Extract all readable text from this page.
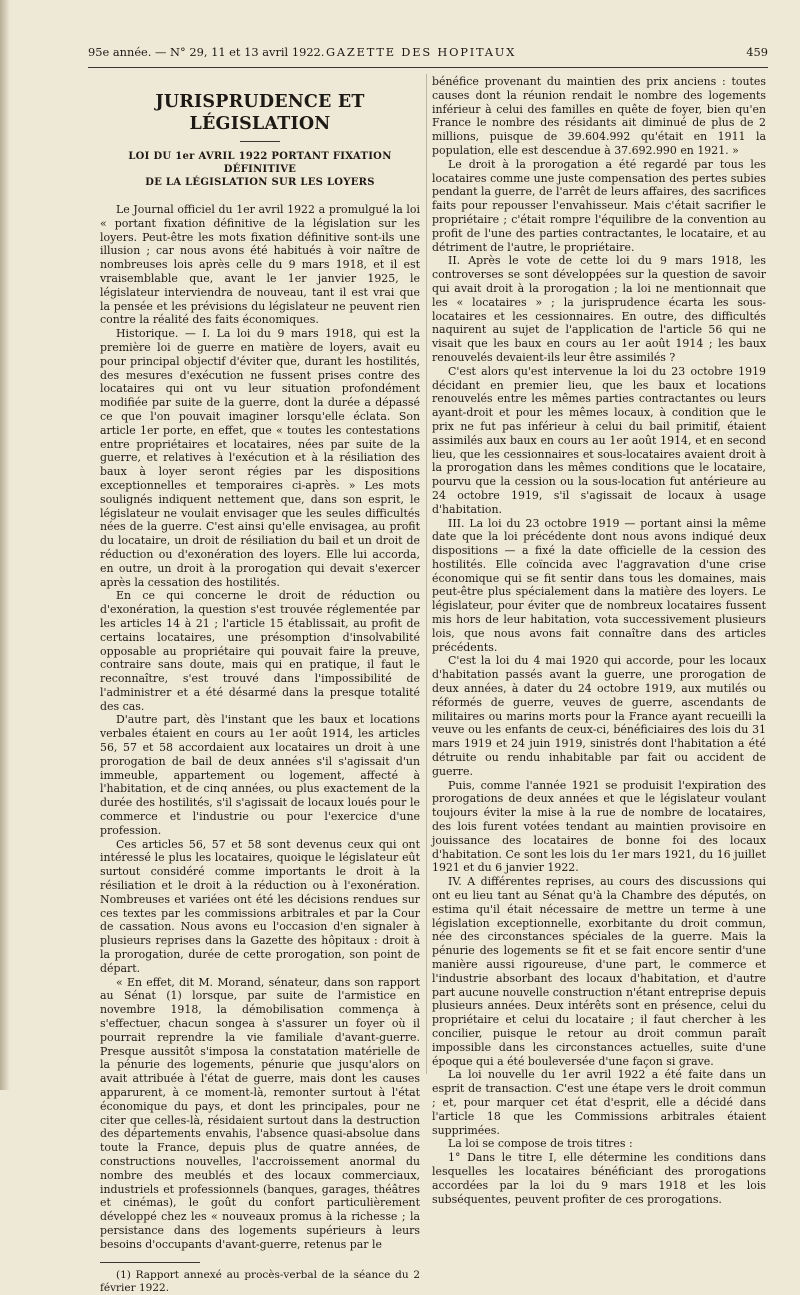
95e année. — N° 29, 11 et 13 avril 1922. GAZETTE DES HOPITAUX	459
JURISPRUDENCE ET LÉGISLATION
LOI DU 1er AVRIL 1922 PORTANT FIXATION DÉFINITIVE
DE LA LÉGISLATION SUR LES LOYERS

Le Journal officiel du 1er avril 1922 a promulgué la loi « portant fixation définitive de la législation sur les loyers. Peut-être les mots fixation définitive sont-ils une illusion ; car nous avons été habitués à voir naître de nombreuses lois après celle du 9 mars 1918, et il est vraisemblable que, avant le 1er janvier 1925, le législateur interviendra de nouveau, tant il est vrai que la pensée et les prévisions du législateur ne peuvent rien contre la réalité des faits économiques.

Historique. — I. La loi du 9 mars 1918, qui est la première loi de guerre en matière de loyers, avait eu pour principal objectif d'éviter que, durant les hostilités, des mesures d'exécution ne fussent prises contre des locataires qui ont vu leur situation profondément modifiée par suite de la guerre, dont la durée a dépassé ce que l'on pouvait imaginer lorsqu'elle éclata. Son article 1er porte, en effet, que « toutes les contestations entre propriétaires et locataires, nées par suite de la guerre, et relatives à l'exécution et à la résiliation des baux à loyer seront régies par les dispositions exceptionnelles et temporaires ci-après. » Les mots soulignés indiquent nettement que, dans son esprit, le législateur ne voulait envisager que les seules difficultés nées de la guerre. C'est ainsi qu'elle envisagea, au profit du locataire, un droit de résiliation du bail et un droit de réduction ou d'exonération des loyers. Elle lui accorda, en outre, un droit à la prorogation qui devait s'exercer après la cessation des hostilités.

En ce qui concerne le droit de réduction ou d'exonération, la question s'est trouvée réglementée par les articles 14 à 21 ; l'article 15 établissait, au profit de certains locataires, une présomption d'insolvabilité opposable au propriétaire qui pouvait faire la preuve, contraire sans doute, mais qui en pratique, il faut le reconnaître, s'est trouvé dans l'impossibilité de l'administrer et a été désarmé dans la presque totalité des cas.

D'autre part, dès l'instant que les baux et locations verbales étaient en cours au 1er août 1914, les articles 56, 57 et 58 accordaient aux locataires un droit à une prorogation de bail de deux années s'il s'agissait d'un immeuble, appartement ou logement, affecté à l'habitation, et de cinq années, ou plus exactement de la durée des hostilités, s'il s'agissait de locaux loués pour le commerce et l'industrie ou pour l'exercice d'une profession.

Ces articles 56, 57 et 58 sont devenus ceux qui ont intéressé le plus les locataires, quoique le législateur eût surtout considéré comme importants le droit à la résiliation et le droit à la réduction ou à l'exonération. Nombreuses et variées ont été les décisions rendues sur ces textes par les commissions arbitrales et par la Cour de cassation. Nous avons eu l'occasion d'en signaler à plusieurs reprises dans la Gazette des hôpitaux : droit à la prorogation, durée de cette prorogation, son point de départ.

« En effet, dit M. Morand, sénateur, dans son rapport au Sénat (1) lorsque, par suite de l'armistice en novembre 1918, la démobilisation commença à s'effectuer, chacun songea à s'assurer un foyer où il pourrait reprendre la vie familiale d'avant-guerre. Presque aussitôt s'imposa la constatation matérielle de la pénurie des logements, pénurie que jusqu'alors on avait attribuée à l'état de guerre, mais dont les causes apparurent, à ce moment-là, remonter surtout à l'état économique du pays, et dont les principales, pour ne citer que celles-là, résidaient surtout dans la destruction des départements envahis, l'absence quasi-absolue dans toute la France, depuis plus de quatre années, de constructions nouvelles, l'accroissement anormal du nombre des meublés et des locaux commerciaux, industriels et professionnels (banques, garages, théâtres et cinémas), le goût du confort particulièrement développé chez les « nouveaux promus à la richesse ; la persistance dans des logements supérieurs à leurs besoins d'occupants d'avant-guerre, retenus par le

(1) Rapport annexé au procès-verbal de la séance du 2 février 1922.

bénéfice provenant du maintien des prix anciens : toutes causes dont la réunion rendait le nombre des logements inférieur à celui des familles en quête de foyer, bien qu'en France le nombre des résidants ait diminué de plus de 2 millions, puisque de 39.604.992 qu'était en 1911 la population, elle est descendue à 37.692.990 en 1921. »

Le droit à la prorogation a été regardé par tous les locataires comme une juste compensation des pertes subies pendant la guerre, de l'arrêt de leurs affaires, des sacrifices faits pour repousser l'envahisseur. Mais c'était sacrifier le propriétaire ; c'était rompre l'équilibre de la convention au profit de l'une des parties contractantes, le locataire, et au détriment de l'autre, le propriétaire.

II. Après le vote de cette loi du 9 mars 1918, les controverses se sont développées sur la question de savoir qui avait droit à la prorogation ; la loi ne mentionnait que les « locataires » ; la jurisprudence écarta les sous-locataires et les cessionnaires. En outre, des difficultés naquirent au sujet de l'application de l'article 56 qui ne visait que les baux en cours au 1er août 1914 ; les baux renouvelés devaient-ils leur être assimilés ?

C'est alors qu'est intervenue la loi du 23 octobre 1919 décidant en premier lieu, que les baux et locations renouvelés entre les mêmes parties contractantes ou leurs ayant-droit et pour les mêmes locaux, à condition que le prix ne fut pas inférieur à celui du bail primitif, étaient assimilés aux baux en cours au 1er août 1914, et en second lieu, que les cessionnaires et sous-locataires avaient droit à la prorogation dans les mêmes conditions que le locataire, pourvu que la cession ou la sous-location fut antérieure au 24 octobre 1919, s'il s'agissait de locaux à usage d'habitation.

III. La loi du 23 octobre 1919 — portant ainsi la même date que la loi précédente dont nous avons indiqué deux dispositions — a fixé la date officielle de la cession des hostilités. Elle coïncida avec l'aggravation d'une crise économique qui se fit sentir dans tous les domaines, mais peut-être plus spécialement dans la matière des loyers. Le législateur, pour éviter que de nombreux locataires fussent mis hors de leur habitation, vota successivement plusieurs lois, que nous avons fait connaître dans des articles précédents.

C'est la loi du 4 mai 1920 qui accorde, pour les locaux d'habitation passés avant la guerre, une prorogation de deux années, à dater du 24 octobre 1919, aux mutilés ou réformés de guerre, veuves de guerre, ascendants de militaires ou marins morts pour la France ayant recueilli la veuve ou les enfants de ceux-ci, bénéficiaires des lois du 31 mars 1919 et 24 juin 1919, sinistrés dont l'habitation a été détruite ou rendu inhabitable par fait ou accident de guerre.

Puis, comme l'année 1921 se produisit l'expiration des prorogations de deux années et que le législateur voulant toujours éviter la mise à la rue de nombre de locataires, des lois furent votées tendant au maintien provisoire en jouissance des locataires de bonne foi des locaux d'habitation. Ce sont les lois du 1er mars 1921, du 16 juillet 1921 et du 6 janvier 1922.

IV. A différentes reprises, au cours des discussions qui ont eu lieu tant au Sénat qu'à la Chambre des députés, on estima qu'il était nécessaire de mettre un terme à une législation exceptionnelle, exorbitante du droit commun, née des circonstances spéciales de la guerre. Mais la pénurie des logements se fit et se fait encore sentir d'une manière aussi rigoureuse, d'une part, le commerce et l'industrie absorbant des locaux d'habitation, et d'autre part aucune nouvelle construction n'étant entreprise depuis plusieurs années. Deux intérêts sont en présence, celui du propriétaire et celui du locataire ; il faut chercher à les concilier, puisque le retour au droit commun paraît impossible dans les circonstances actuelles, suite d'une époque qui a été bouleversée d'une façon si grave.

La loi nouvelle du 1er avril 1922 a été faite dans un esprit de transaction. C'est une étape vers le droit commun ; et, pour marquer cet état d'esprit, elle a décidé dans l'article 18 que les Commissions arbitrales étaient supprimées.

La loi se compose de trois titres :

1° Dans le titre I, elle détermine les conditions dans lesquelles les locataires bénéficiant des prorogations accordées par la loi du 9 mars 1918 et les lois subséquentes, peuvent profiter de ces prorogations.
